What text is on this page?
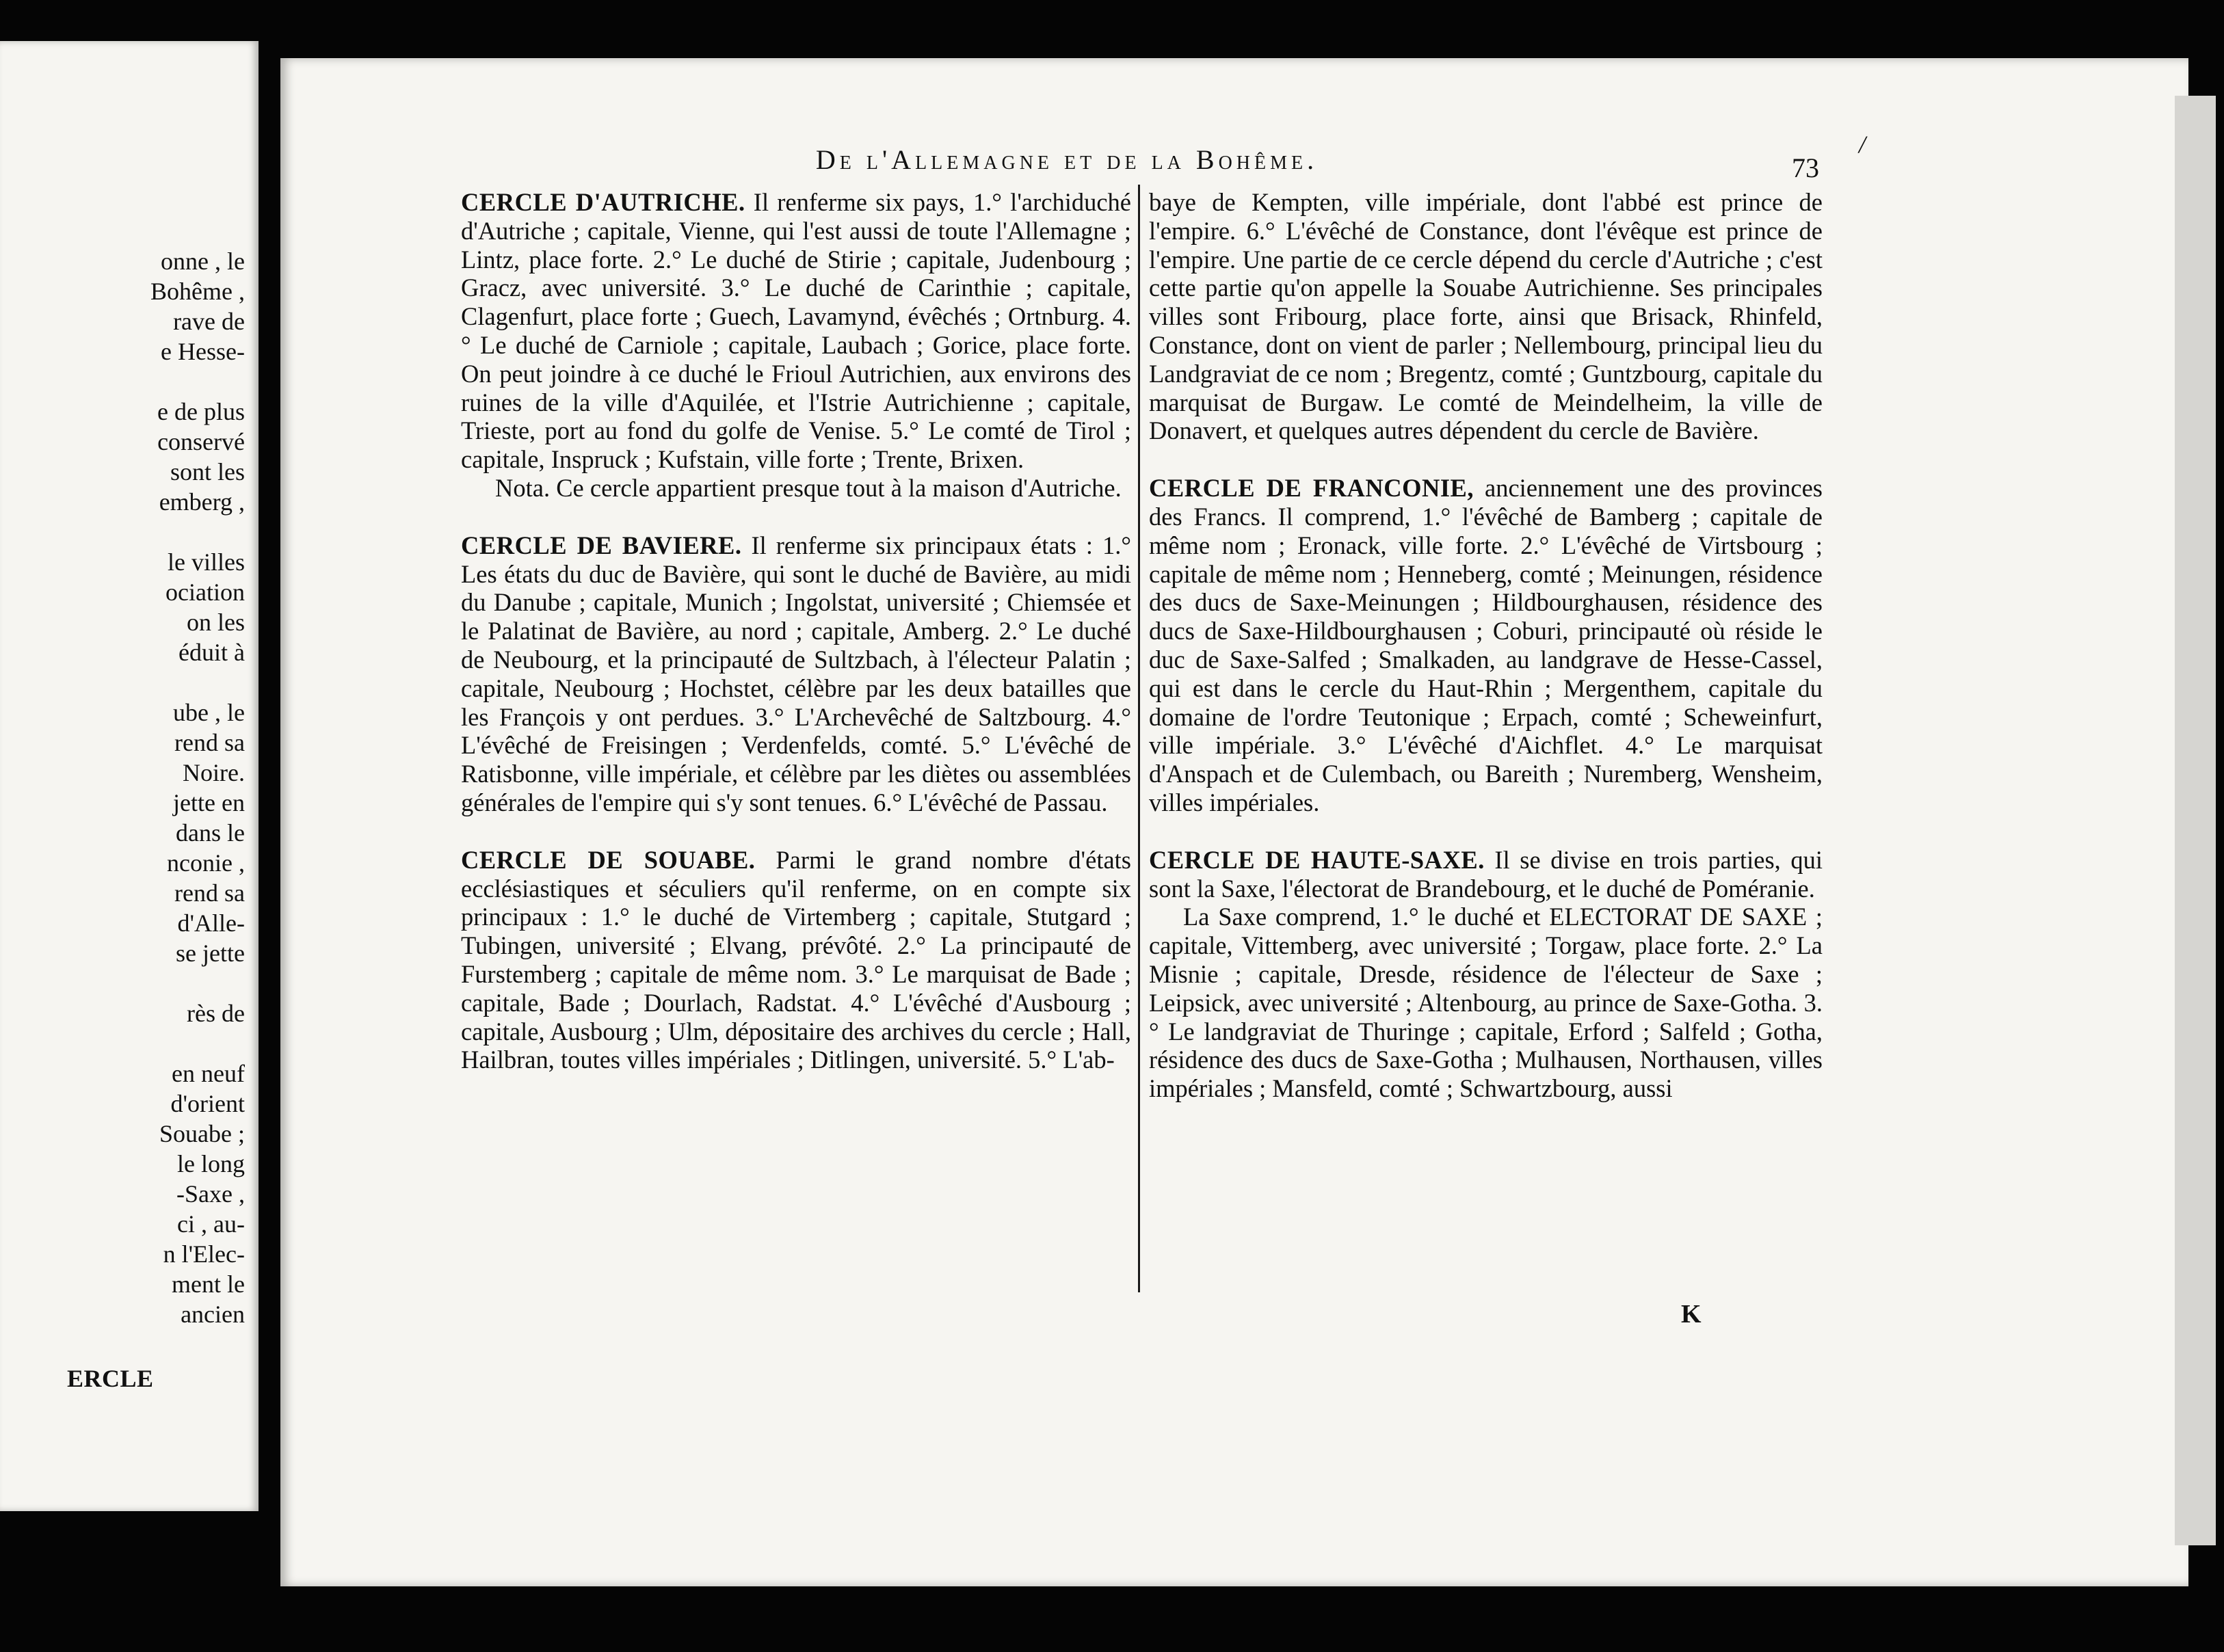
onne , le
Bohême ,
rave de
e Hesse-
e de plus
conservé
sont les
emberg ,
le villes
ociation
on les
éduit à
ube , le
rend sa
Noire.
jette en
dans le
nconie ,
rend sa
d'Alle-
se jette
rès de
en neuf
d'orient
Souabe ;
le long
-Saxe ,
ci , au-
n l'Elec-
ment le
ancien
ERCLE
De l'Allemagne et de la Bohême.	73
/

CERCLE D'AUTRICHE. Il renferme six pays, 1.° l'archiduché d'Autriche ; capitale, Vienne, qui l'est aussi de toute l'Allemagne ; Lintz, place forte. 2.° Le duché de Stirie ; capitale, Judenbourg ; Gracz, avec université. 3.° Le duché de Carinthie ; capitale, Clagenfurt, place forte ; Guech, Lavamynd, évêchés ; Ortnburg. 4.° Le duché de Carniole ; capitale, Laubach ; Gorice, place forte. On peut joindre à ce duché le Frioul Autrichien, aux environs des ruines de la ville d'Aquilée, et l'Istrie Autrichienne ; capitale, Trieste, port au fond du golfe de Venise. 5.° Le comté de Tirol ; capitale, Inspruck ; Kufstain, ville forte ; Trente, Brixen.

Nota. Ce cercle appartient presque tout à la maison d'Autriche.

CERCLE DE BAVIERE. Il renferme six principaux états : 1.° Les états du duc de Bavière, qui sont le duché de Bavière, au midi du Danube ; capitale, Munich ; Ingolstat, université ; Chiemsée et le Palatinat de Bavière, au nord ; capitale, Amberg. 2.° Le duché de Neubourg, et la principauté de Sultzbach, à l'électeur Palatin ; capitale, Neubourg ; Hochstet, célèbre par les deux batailles que les François y ont perdues. 3.° L'Archevêché de Saltzbourg. 4.° L'évêché de Freisingen ; Verdenfelds, comté. 5.° L'évêché de Ratisbonne, ville impériale, et célèbre par les diètes ou assemblées générales de l'empire qui s'y sont tenues. 6.° L'évêché de Passau.

CERCLE DE SOUABE. Parmi le grand nombre d'états ecclésiastiques et séculiers qu'il renferme, on en compte six principaux : 1.° le duché de Virtemberg ; capitale, Stutgard ; Tubingen, université ; Elvang, prévôté. 2.° La principauté de Furstemberg ; capitale de même nom. 3.° Le marquisat de Bade ; capitale, Bade ; Dourlach, Radstat. 4.° L'évêché d'Ausbourg ; capitale, Ausbourg ; Ulm, dépositaire des archives du cercle ; Hall, Hailbran, toutes villes impériales ; Ditlingen, université. 5.° L'ab-

baye de Kempten, ville impériale, dont l'abbé est prince de l'empire. 6.° L'évêché de Constance, dont l'évêque est prince de l'empire. Une partie de ce cercle dépend du cercle d'Autriche ; c'est cette partie qu'on appelle la Souabe Autrichienne. Ses principales villes sont Fribourg, place forte, ainsi que Brisack, Rhinfeld, Constance, dont on vient de parler ; Nellembourg, principal lieu du Landgraviat de ce nom ; Bregentz, comté ; Guntzbourg, capitale du marquisat de Burgaw. Le comté de Meindelheim, la ville de Donavert, et quelques autres dépendent du cercle de Bavière.

CERCLE DE FRANCONIE, anciennement une des provinces des Francs. Il comprend, 1.° l'évêché de Bamberg ; capitale de même nom ; Eronack, ville forte. 2.° L'évêché de Virtsbourg ; capitale de même nom ; Henneberg, comté ; Meinungen, résidence des ducs de Saxe-Meinungen ; Hildbourghausen, résidence des ducs de Saxe-Hildbourghausen ; Coburi, principauté où réside le duc de Saxe-Salfed ; Smalkaden, au landgrave de Hesse-Cassel, qui est dans le cercle du Haut-Rhin ; Mergenthem, capitale du domaine de l'ordre Teutonique ; Erpach, comté ; Scheweinfurt, ville impériale. 3.° L'évêché d'Aichflet. 4.° Le marquisat d'Anspach et de Culembach, ou Bareith ; Nuremberg, Wensheim, villes impériales.

CERCLE DE HAUTE-SAXE. Il se divise en trois parties, qui sont la Saxe, l'électorat de Brandebourg, et le duché de Poméranie.

La Saxe comprend, 1.° le duché et ELECTORAT DE SAXE ; capitale, Vittemberg, avec université ; Torgaw, place forte. 2.° La Misnie ; capitale, Dresde, résidence de l'électeur de Saxe ; Leipsick, avec université ; Altenbourg, au prince de Saxe-Gotha. 3.° Le landgraviat de Thuringe ; capitale, Erford ; Salfeld ; Gotha, résidence des ducs de Saxe-Gotha ; Mulhausen, Northausen, villes impériales ; Mansfeld, comté ; Schwartzbourg, aussi

K
